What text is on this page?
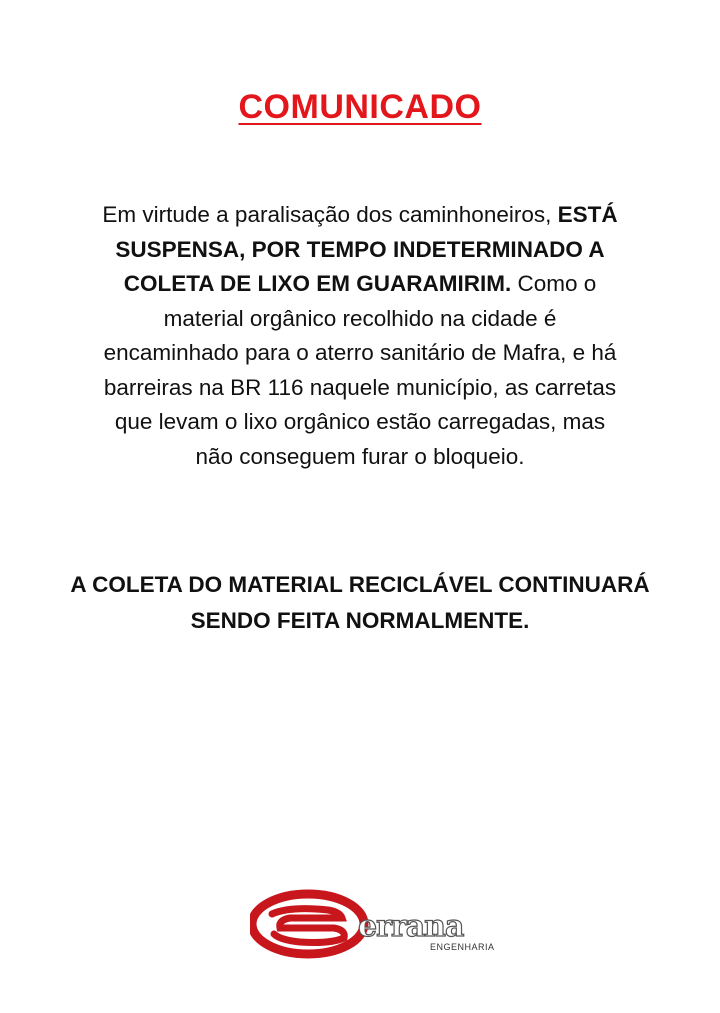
COMUNICADO
Em virtude a paralisação dos caminhoneiros, ESTÁ SUSPENSA, POR TEMPO INDETERMINADO A COLETA DE LIXO EM GUARAMIRIM. Como o material orgânico recolhido na cidade é encaminhado para o aterro sanitário de Mafra, e há barreiras na BR 116 naquele município, as carretas que levam o lixo orgânico estão carregadas, mas não conseguem furar o bloqueio.
A COLETA DO MATERIAL RECICLÁVEL CONTINUARÁ SENDO FEITA NORMALMENTE.
errana
ENGENHARIA
